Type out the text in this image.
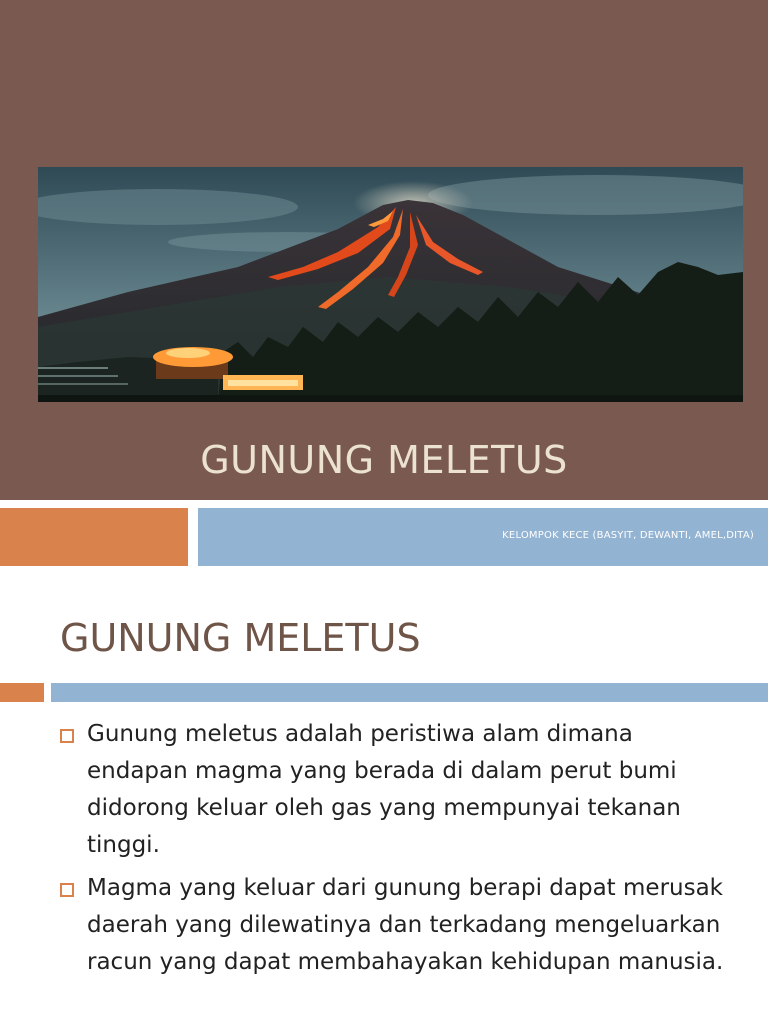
GUNUNG MELETUS
KELOMPOK KECE (BASYIT, DEWANTI, AMEL,DITA)
GUNUNG MELETUS
Gunung meletus adalah peristiwa alam dimana endapan magma yang berada di dalam perut bumi didorong keluar oleh gas yang mempunyai tekanan tinggi.
Magma yang keluar dari gunung berapi dapat merusak daerah yang dilewatinya dan terkadang mengeluarkan racun yang dapat membahayakan kehidupan manusia.
